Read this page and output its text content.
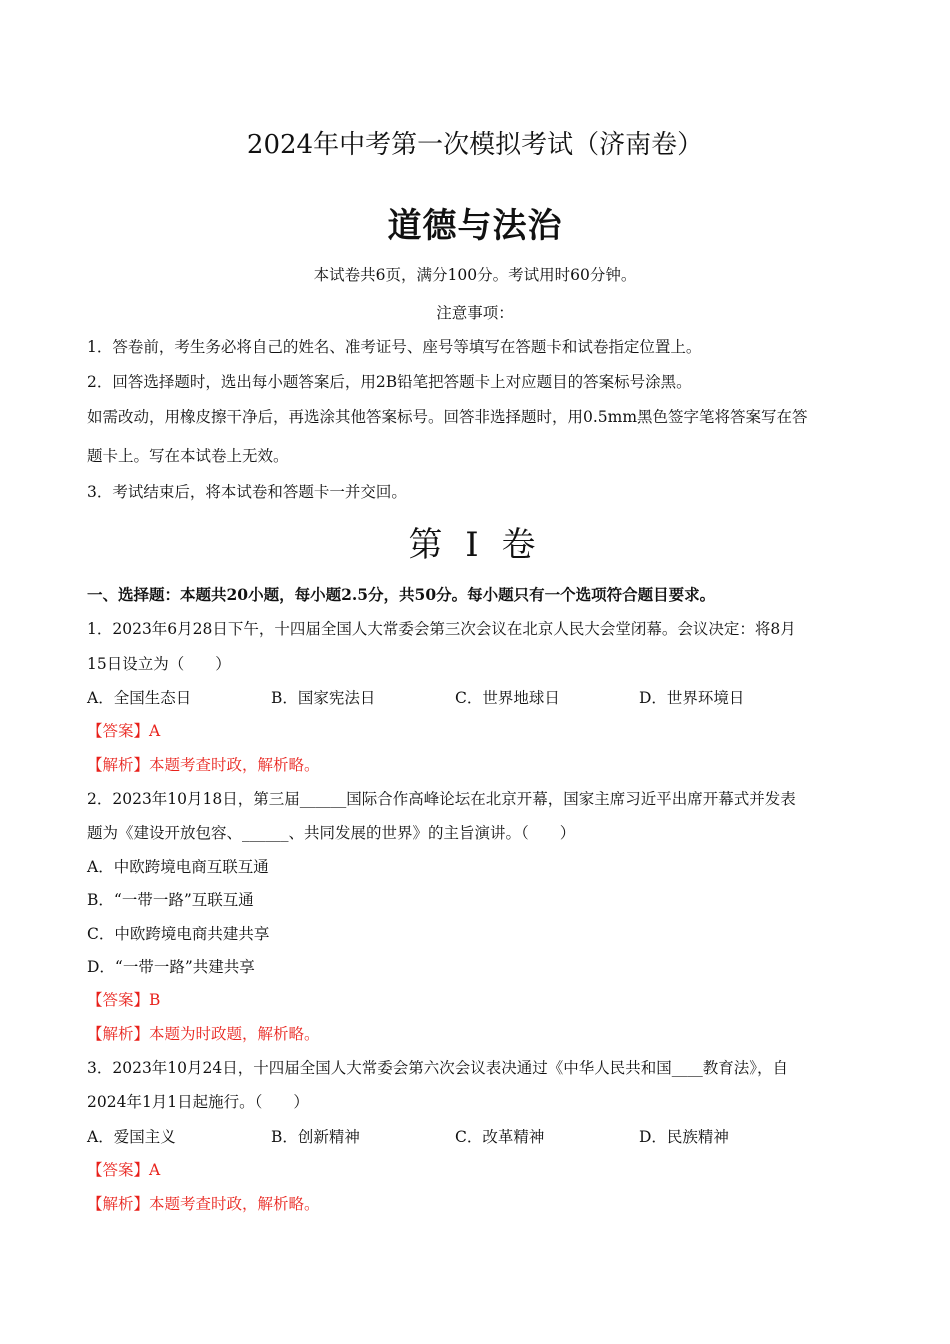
2024年中考第一次模拟考试（济南卷）
道德与法治
本试卷共6页，满分100分。考试用时60分钟。
注意事项：
1．答卷前，考生务必将自己的姓名、准考证号、座号等填写在答题卡和试卷指定位置上。
2．回答选择题时，选出每小题答案后，用2B铅笔把答题卡上对应题目的答案标号涂黑。
如需改动，用橡皮擦干净后，再选涂其他答案标号。回答非选择题时，用0.5mm黑色签字笔将答案写在答
题卡上。写在本试卷上无效。
3．考试结束后，将本试卷和答题卡一并交回。
第 I 卷
一、选择题：本题共20小题，每小题2.5分，共50分。每小题只有一个选项符合题目要求。
1．2023年6月28日下午，十四届全国人大常委会第三次会议在北京人民大会堂闭幕。会议决定：将8月
15日设立为（　　）
A．全国生态日	B．国家宪法日	C．世界地球日	D．世界环境日
【答案】A
【解析】本题考查时政，解析略。
2．2023年10月18日，第三届______国际合作高峰论坛在北京开幕，国家主席习近平出席开幕式并发表
题为《建设开放包容、______、共同发展的世界》的主旨演讲。（　　）
A．中欧跨境电商互联互通
B．“一带一路”互联互通
C．中欧跨境电商共建共享
D．“一带一路”共建共享
【答案】B
【解析】本题为时政题，解析略。
3．2023年10月24日，十四届全国人大常委会第六次会议表决通过《中华人民共和国____教育法》，自
2024年1月1日起施行。（　　）
A．爱国主义	B．创新精神	C．改革精神	D．民族精神
【答案】A
【解析】本题考查时政，解析略。
